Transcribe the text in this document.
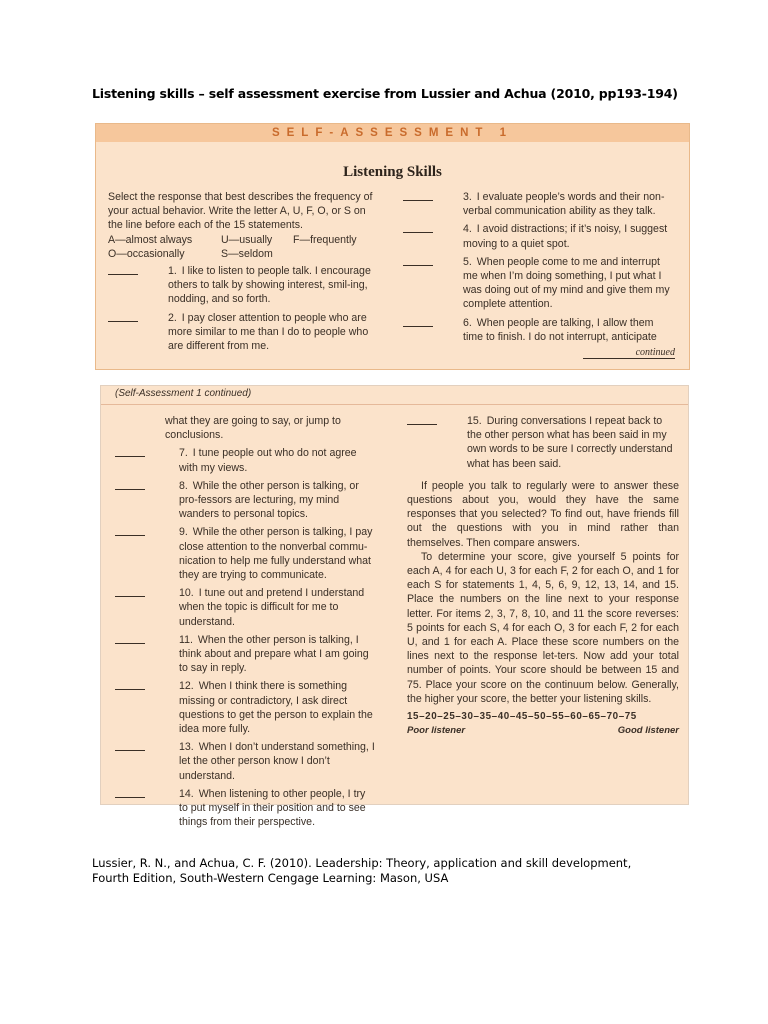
Listening skills – self assessment exercise from Lussier and Achua (2010, pp193-194)
SELF-ASSESSMENT 1
Listening Skills

Select the response that best describes the frequency of your actual behavior. Write the letter A, U, F, O, or S on the line before each of the 15 statements.

A—almost always	U—usually	F—frequently
O—occasionally	S—seldom
1. I like to listen to people talk. I encourage others to talk by showing interest, smil-ing, nodding, and so forth.
2. I pay closer attention to people who are more similar to me than I do to people who are different from me.
3. I evaluate people’s words and their non-verbal communication ability as they talk.
4. I avoid distractions; if it’s noisy, I suggest moving to a quiet spot.
5. When people come to me and interrupt me when I’m doing something, I put what I was doing out of my mind and give them my complete attention.
6. When people are talking, I allow them time to finish. I do not interrupt, anticipate
continued
(Self-Assessment 1 continued)

what they are going to say, or jump to conclusions.

7. I tune people out who do not agree with my views.
8. While the other person is talking, or pro-fessors are lecturing, my mind wanders to personal topics.
9. While the other person is talking, I pay close attention to the nonverbal commu-nication to help me fully understand what they are trying to communicate.
10. I tune out and pretend I understand when the topic is difficult for me to understand.
11. When the other person is talking, I think about and prepare what I am going to say in reply.
12. When I think there is something missing or contradictory, I ask direct questions to get the person to explain the idea more fully.
13. When I don’t understand something, I let the other person know I don’t understand.
14. When listening to other people, I try to put myself in their position and to see things from their perspective.
15. During conversations I repeat back to the other person what has been said in my own words to be sure I correctly understand what has been said.

If people you talk to regularly were to answer these questions about you, would they have the same responses that you selected? To find out, have friends fill out the questions with you in mind rather than themselves. Then compare answers.

To determine your score, give yourself 5 points for each A, 4 for each U, 3 for each F, 2 for each O, and 1 for each S for statements 1, 4, 5, 6, 9, 12, 13, 14, and 15. Place the numbers on the line next to your response letter. For items 2, 3, 7, 8, 10, and 11 the score reverses: 5 points for each S, 4 for each O, 3 for each F, 2 for each U, and 1 for each A. Place these score numbers on the lines next to the response let-ters. Now add your total number of points. Your score should be between 15 and 75. Place your score on the continuum below. Generally, the higher your score, the better your listening skills.

15–20–25–30–35–40–45–50–55–60–65–70–75
Poor listener	Good listener
Lussier, R. N., and Achua, C. F. (2010). Leadership: Theory, application and skill development, Fourth Edition, South-Western Cengage Learning: Mason, USA
